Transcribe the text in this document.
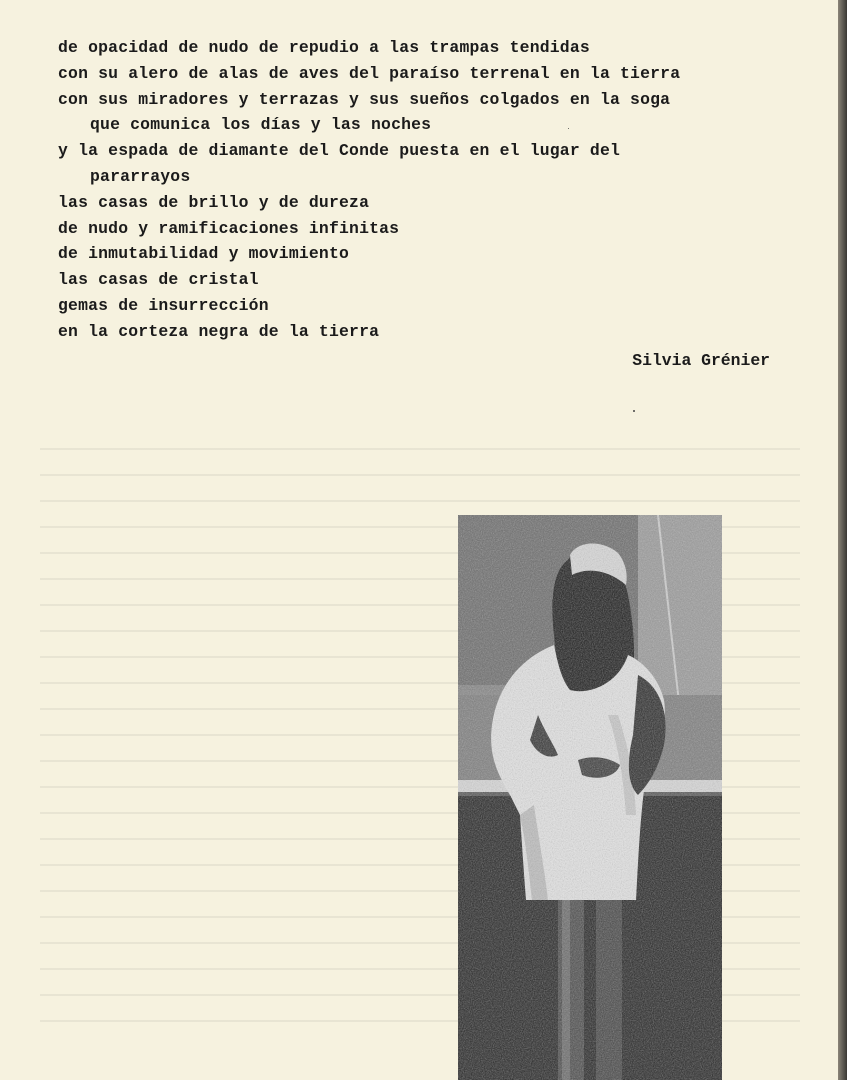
de opacidad de nudo de repudio a las trampas tendidas
con su alero de alas de aves del paraíso terrenal en la tierra
con sus miradores y terrazas y sus sueños colgados en la soga
que comunica los días y las noches
y la espada de diamante del Conde puesta en el lugar del
pararrayos
las casas de brillo y de dureza
de nudo y ramificaciones infinitas
de inmutabilidad y movimiento
las casas de cristal
gemas de insurrección
en la corteza negra de la tierra
Silvia Grénier
